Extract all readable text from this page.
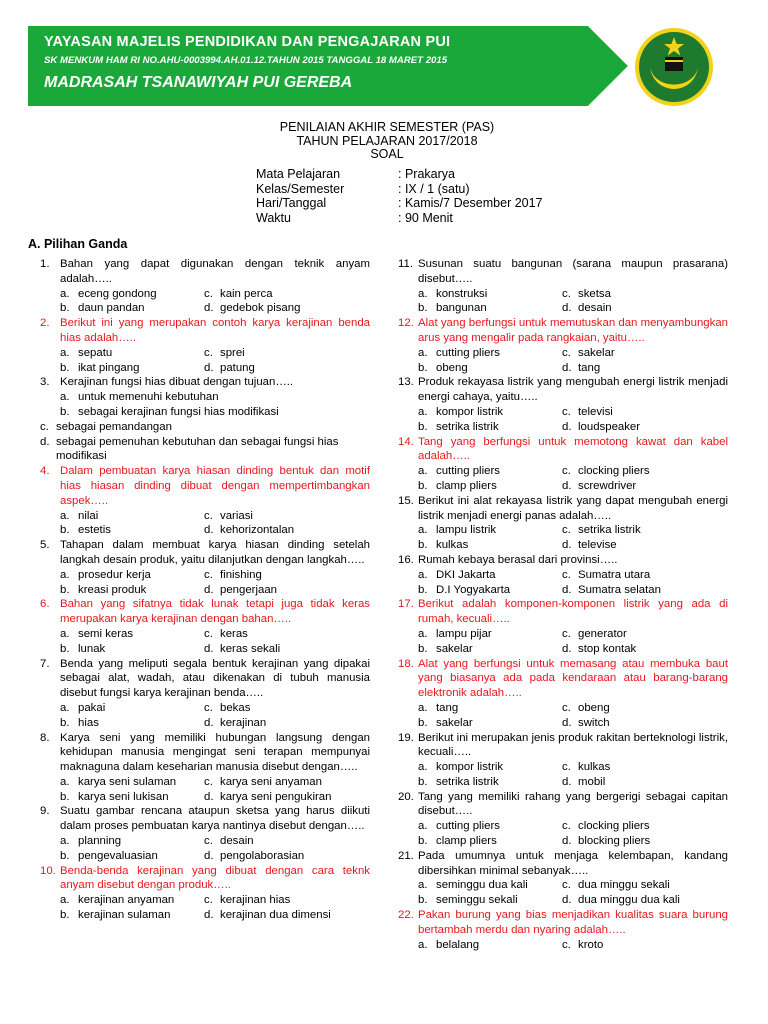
YAYASAN MAJELIS PENDIDIKAN DAN PENGAJARAN PUI
SK MENKUM HAM RI NO.AHU-0003994.AH.01.12.TAHUN 2015 TANGGAL 18 MARET 2015
MADRASAH TSANAWIYAH PUI GEREBA
PENILAIAN AKHIR SEMESTER (PAS)
TAHUN PELAJARAN 2017/2018
SOAL
Mata Pelajaran	: Prakarya
Kelas/Semester	: IX / 1 (satu)
Hari/Tanggal	: Kamis/7 Desember 2017
Waktu	: 90 Menit
A. Pilihan Ganda
1. Bahan yang dapat digunakan dengan teknik anyam adalah…..
a. eceng gondong	c. kain perca
b. daun pandan	d. gedebok pisang
2. Berikut ini yang merupakan contoh karya kerajinan benda hias adalah…..
a. sepatu	c. sprei
b. ikat pingang	d. patung
3. Kerajinan fungsi hias dibuat dengan tujuan…..
a. untuk memenuhi kebutuhan
b. sebagai kerajinan fungsi hias modifikasi
c. sebagai pemandangan
d. sebagai pemenuhan kebutuhan dan sebagai fungsi hias modifikasi
4. Dalam pembuatan karya hiasan dinding bentuk dan motif hias hiasan dinding dibuat dengan mempertimbangkan aspek…..
a. nilai	c. variasi
b. estetis	d. kehorizontalan
5. Tahapan dalam membuat karya hiasan dinding setelah langkah desain produk, yaitu dilanjutkan dengan langkah…..
a. prosedur kerja	c. finishing
b. kreasi produk	d. pengerjaan
6. Bahan yang sifatnya tidak lunak tetapi juga tidak keras merupakan karya kerajinan dengan bahan…..
a. semi keras	c. keras
b. lunak	d. keras sekali
7. Benda yang meliputi segala bentuk kerajinan yang dipakai sebagai alat, wadah, atau dikenakan di tubuh manusia disebut fungsi karya kerajinan benda…..
a. pakai	c. bekas
b. hias	d. kerajinan
8. Karya seni yang memiliki hubungan langsung dengan kehidupan manusia mengingat seni terapan mempunyai maknaguna dalam keseharian manusia disebut dengan…..
a. karya seni sulaman c. karya seni anyaman
b. karya seni lukisan	d. karya seni pengukiran
9. Suatu gambar rencana ataupun sketsa yang harus diikuti dalam proses pembuatan karya nantinya disebut dengan…..
a. planning	c. desain
b. pengevaluasian	d. pengolaborasian
10. Benda-benda kerajinan yang dibuat dengan cara teknk anyam disebut dengan produk…..
a. kerajinan anyaman	c. kerajinan hias
b. kerajinan sulaman	d. kerajinan dua dimensi
11. Susunan suatu bangunan (sarana maupun prasarana) disebut…..
a. konstruksi	c. sketsa
b. bangunan	d. desain
12. Alat yang berfungsi untuk memutuskan dan menyambungkan arus yang mengalir pada rangkaian, yaitu…..
a. cutting pliers	c. sakelar
b. obeng	d. tang
13. Produk rekayasa listrik yang mengubah energi listrik menjadi energi cahaya, yaitu…..
a. kompor listrik	c. televisi
b. setrika listrik	d. loudspeaker
14. Tang yang berfungsi untuk memotong kawat dan kabel adalah…..
a. cutting pliers	c. clocking pliers
b. clamp pliers	d. screwdriver
15. Berikut ini alat rekayasa listrik yang dapat mengubah energi listrik menjadi energi panas adalah…..
a. lampu listrik	c. setrika listrik
b. kulkas	d. televise
16. Rumah kebaya berasal dari provinsi…..
a. DKI Jakarta	c. Sumatra utara
b. D.I Yogyakarta	d. Sumatra selatan
17. Berikut adalah komponen-komponen listrik yang ada di rumah, kecuali…..
a. lampu pijar	c. generator
b. sakelar	d. stop kontak
18. Alat yang berfungsi untuk memasang atau membuka baut yang biasanya ada pada kendaraan atau barang-barang elektronik adalah…..
a. tang	c. obeng
b. sakelar	d. switch
19. Berikut ini merupakan jenis produk rakitan berteknologi listrik, kecuali…..
a. kompor listrik	c. kulkas
b. setrika listrik	d. mobil
20. Tang yang memiliki rahang yang bergerigi sebagai capitan disebut…..
a. cutting pliers	c. clocking pliers
b. clamp pliers	d. blocking pliers
21. Pada umumnya untuk menjaga kelembapan, kandang dibersihkan minimal sebanyak…..
a. seminggu dua kali	c. dua minggu sekali
b. seminggu sekali	d. dua minggu dua kali
22. Pakan burung yang bias menjadikan kualitas suara burung bertambah merdu dan nyaring adalah…..
a. belalang	c. kroto
